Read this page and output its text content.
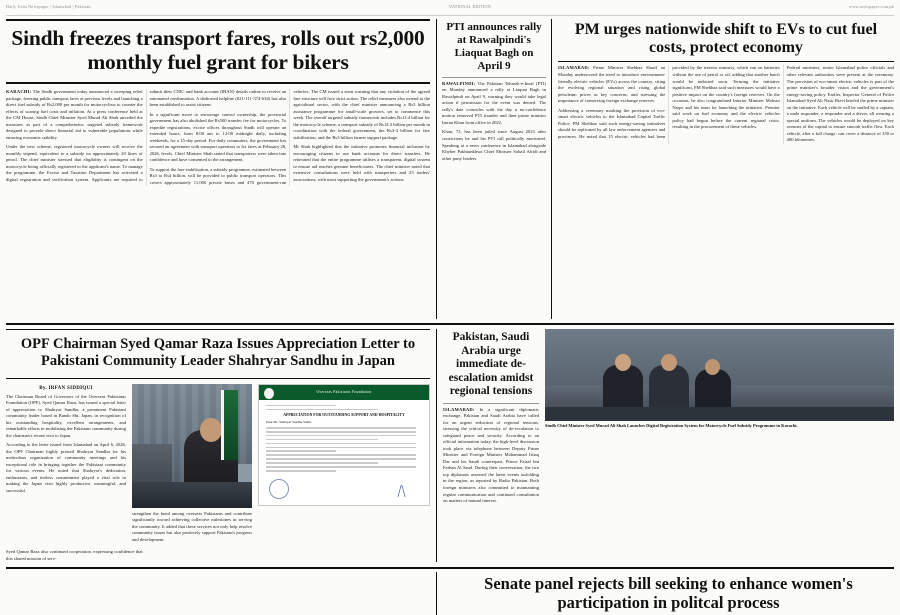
Daily Urdu Newspaper | Islamabad | Pakistan	NATIONAL EDITION	www.newspaper.com.pk
Sindh freezes transport fares, rolls out rs2,000 monthly fuel grant for bikers

KARACHI: The Sindh government today announced a sweeping relief package, freezing public transport fares at previous levels and launching a direct fuel subsidy of Rs2,000 per month for motorcyclists to counter the effects of soaring fuel costs and inflation. At a press conference held at the CM House, Sindh Chief Minister Syed Murad Ali Shah unveiled the measures as part of a comprehensive, targeted subsidy framework designed to provide direct financial aid to vulnerable populations while ensuring economic stability.

Under the new scheme, registered motorcycle owners will receive the monthly stipend, equivalent to a subsidy on approximately 20 litres of petrol. The chief minister stressed that eligibility is contingent on the motorcycle being officially registered in the applicant's name. To manage the programme, the Excise and Taxation Department has activated a digital registration and verification system. Applicants are required to submit their CNIC and bank account (IBAN) details online to receive an automated confirmation. A dedicated helpline (021-111-374-634) has also been established to assist citizens.

In a significant move to encourage control ownership, the provincial government has also abolished the Rs500 transfer fee for motorcycles. To expedite registrations, excise offices throughout Sindh will operate on extended hours, from 8:00 am to 12:00 midnight daily, including weekends, for a 15-day period. For daily commuters, the government has secured an agreement with transport operators to fix fares at February 28, 2026, levels. Chief Minister Shah stated that transporters were taken into confidence and have consented to the arrangement.

To support the fare stabilisation, a subsidy programme, estimated between Rs3 to Rs4 billion, will be provided to public transport operators. This covers approximately 11,000 private buses and 470 government-run vehicles. The CM issued a stern warning that any violation of the agreed fare structure will face strict action. The relief measures also extend to the agricultural sector, with the chief minister announcing a Rs3 billion assistance programme for small-scale growers, set to commence this week. The overall targeted subsidy framework includes Rs13.4 billion for the motorcycle scheme, a transport subsidy of Rs14.3 billion per month in coordination with the federal government, the Rs3-4 billion for fare stabilisation, and the Rs3 billion farmer support package.

Mr Shah highlighted that the initiative promotes financial inclusion by encouraging citizens to use bank accounts for direct transfers. He reiterated that the entire programme utilises a transparent, digital system to ensure aid reaches genuine beneficiaries. The chief minister noted that extensive consultations were held with transporters and 25 traders' associations, with most supporting the government's actions.

PTI announces rally at Rawalpindi's Liaquat Bagh on April 9

RAWALPINDI: The Pakistan Tehreek-e-Insaf (PTI) on Monday announced a rally at Liaquat Bagh in Rawalpindi on April 9, warning they would take legal action if permission for the event was denied. The rally's date coincides with the day a no-confidence motion removed PTI founder and then prime minister Imran Khan from office in 2022.

Khan, 73, has been jailed since August 2023 after convictions he and his PTI call politically motivated. Speaking at a news conference in Islamabad alongside Khyber Pakhtunkhwa Chief Minister Sohail Afridi and other party leaders.

PM urges nationwide shift to EVs to cut fuel costs, protect economy

ISLAMABAD: Prime Minister Shehbaz Sharif on Monday underscored the need to introduce environment-friendly electric vehicles (EVs) across the country, citing the evolving regional situation and rising global petroleum prices as key concerns, and stressing the importance of conserving foreign exchange reserves.

Addressing a ceremony marking the provision of eco-smart electric vehicles to the Islamabad Capital Traffic Police, PM Shehbaz said such energy-saving initiatives should be replicated by all law enforcement agencies and provinces. He noted that 15 electric vehicles had been provided by the interior ministry, which run on batteries without the use of petrol or oil, adding that another batch would be inducted soon. Terming the initiative significant, PM Shehbaz said such measures would have a positive impact on the country's foreign reserves. On the occasion, he also congratulated Interior Minister Mohsin Naqvi and his team for launching the initiative. Premier said work on fuel economy and the electric vehicles policy had begun before the current regional crisis, resulting in the procurement of these vehicles.

Federal ministers, senior Islamabad police officials and other relevant authorities were present at the ceremony. The provision of eco-smart electric vehicles is part of the prime minister's broader vision and the government's energy-saving policy. Earlier, Inspector General of Police Islamabad Syed Ali Nasir Rizvi briefed the prime minister on the initiative. Each vehicle will be staffed by a captain, a male responder, a responder and a driver, all wearing a special uniform. The vehicles would be deployed on key avenues of the capital to ensure smooth traffic flow. Each vehicle, after a full charge, can cover a distance of 350 to 400 kilometres.

OPF Chairman Syed Qamar Raza Issues Appreciation Letter to Pakistani Community Leader Shahryar Sandhu in Japan
By. IRFAN SIDDIQUI

The Chairman Board of Governors of the Overseas Pakistanis Foundation (OPF), Syed Qamar Raza, has issued a special letter of appreciation to Shahryar Sandhu, a prominent Pakistani community leader based in Bando Shi, Japan, in recognition of his outstanding hospitality, excellent arrangements, and remarkable efforts in mobilizing the Pakistani community during the chairman's recent visit to Japan.

According to the letter issued from Islamabad on April 6, 2026, the OPF Chairman highly praised Shahryar Sandhu for his meticulous organization of community meetings and his exceptional role in bringing together the Pakistani community for various events. He noted that Shahryar's dedication, enthusiasm, and tireless commitment played a vital role in making the Japan visit highly productive, meaningful, and successful.

strengthen the bond among overseas Pakistanis and contribute significantly toward achieving collective milestones in serving the community. It added that these services not only help resolve community issues but also positively support Pakistan's progress and development.

Overseas Pakistanis Foundation
APPRECIATION FOR OUTSTANDING SUPPORT AND HOSPITALITY
Dear Mr. Shahryar Sandhu Sahib,

Syed Qamar Raza also continued cooperation, expressing confidence that this shared mission of serv-

Pakistan, Saudi Arabia urge immediate de-escalation amidst regional tensions

ISLAMABAD: In a significant diplomatic exchange, Pakistan and Saudi Arabia have called for an urgent reduction of regional tensions, stressing the critical necessity of de-escalation to safeguard peace and security. According to an official information today, the high-level discussion took place via telephone between Deputy Prime Minister and Foreign Minister Mohammad Ishaq Dar and his Saudi counterpart, Prince Faisal bin Farhan Al Saud. During their conversation, the two top diplomats assessed the latest events unfolding in the region, as reported by Radio Pakistan. Both foreign ministers also committed to maintaining regular communication and continued consultation on matters of mutual interest.

Sindh Chief Minister Syed Murad Ali Shah Launches Digital Registration System for Motorcycle Fuel Subsidy Programme in Karachi.
Senate panel rejects bill seeking to enhance women's participation in politcal process
